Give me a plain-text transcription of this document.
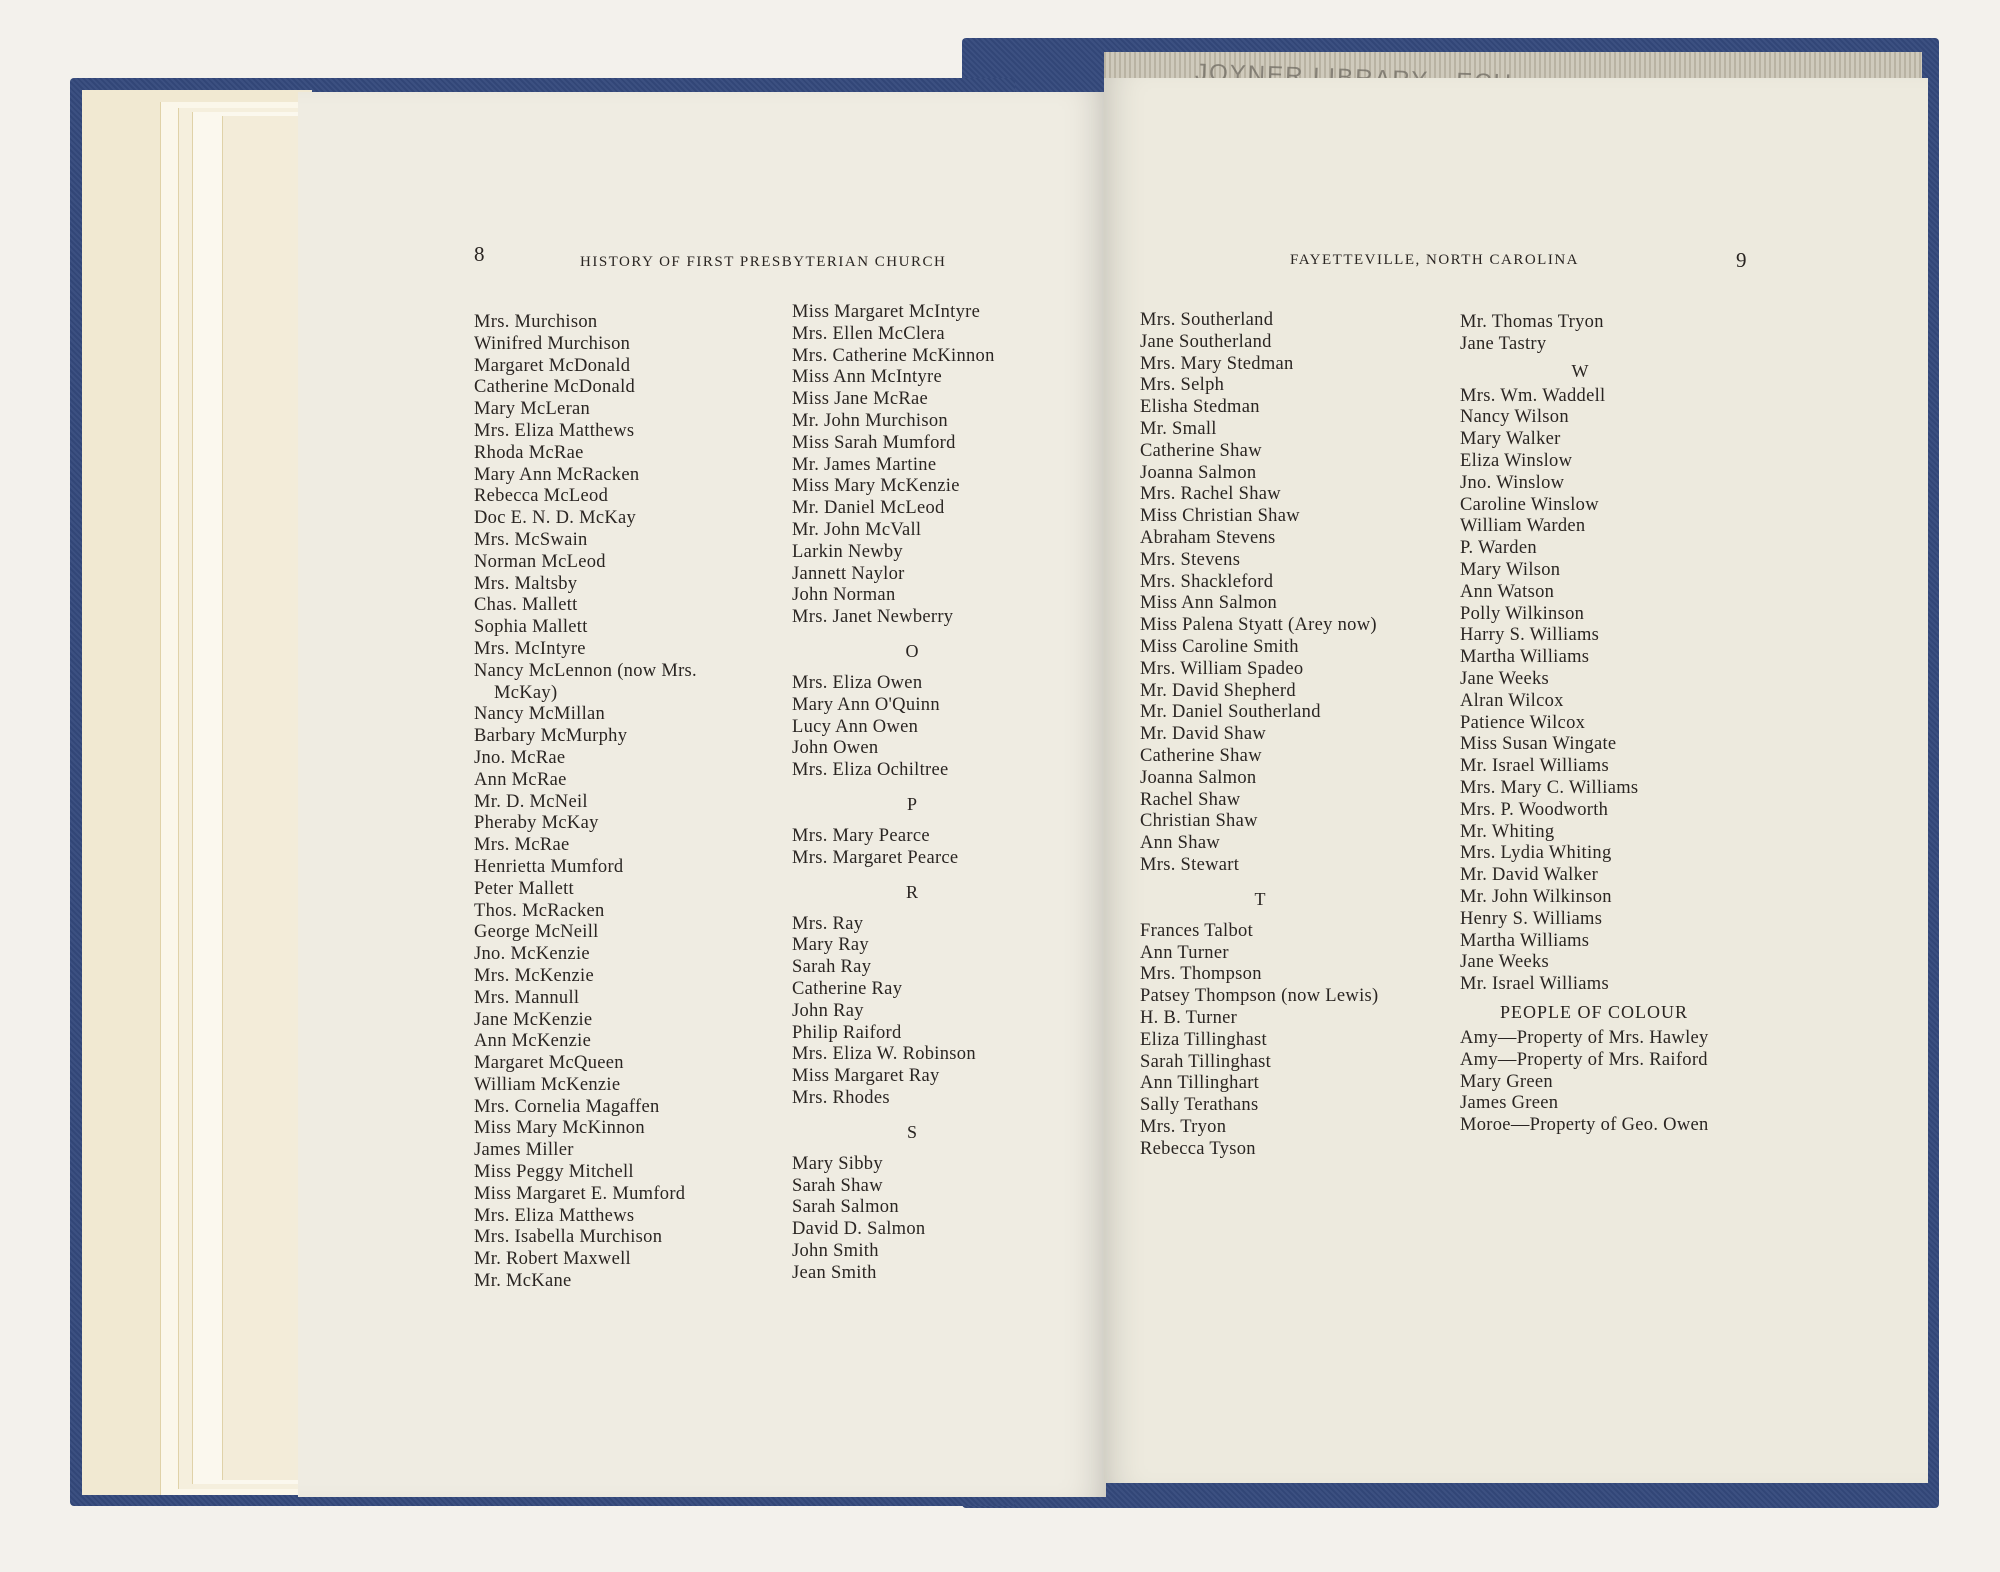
8	HISTORY OF FIRST PRESBYTERIAN CHURCH
Mrs. Murchison
Winifred Murchison
Margaret McDonald
Catherine McDonald
Mary McLeran
Mrs. Eliza Matthews
Rhoda McRae
Mary Ann McRacken
Rebecca McLeod
Doc E. N. D. McKay
Mrs. McSwain
Norman McLeod
Mrs. Maltsby
Chas. Mallett
Sophia Mallett
Mrs. McIntyre
Nancy McLennon (now Mrs.
McKay)
Nancy McMillan
Barbary McMurphy
Jno. McRae
Ann McRae
Mr. D. McNeil
Pheraby McKay
Mrs. McRae
Henrietta Mumford
Peter Mallett
Thos. McRacken
George McNeill
Jno. McKenzie
Mrs. McKenzie
Mrs. Mannull
Jane McKenzie
Ann McKenzie
Margaret McQueen
William McKenzie
Mrs. Cornelia Magaffen
Miss Mary McKinnon
James Miller
Miss Peggy Mitchell
Miss Margaret E. Mumford
Mrs. Eliza Matthews
Mrs. Isabella Murchison
Mr. Robert Maxwell
Mr. McKane
Miss Margaret McIntyre
Mrs. Ellen McClera
Mrs. Catherine McKinnon
Miss Ann McIntyre
Miss Jane McRae
Mr. John Murchison
Miss Sarah Mumford
Mr. James Martine
Miss Mary McKenzie
Mr. Daniel McLeod
Mr. John McVall
Larkin Newby
Jannett Naylor
John Norman
Mrs. Janet Newberry
O
Mrs. Eliza Owen
Mary Ann O'Quinn
Lucy Ann Owen
John Owen
Mrs. Eliza Ochiltree
P
Mrs. Mary Pearce
Mrs. Margaret Pearce
R
Mrs. Ray
Mary Ray
Sarah Ray
Catherine Ray
John Ray
Philip Raiford
Mrs. Eliza W. Robinson
Miss Margaret Ray
Mrs. Rhodes
S
Mary Sibby
Sarah Shaw
Sarah Salmon
David D. Salmon
John Smith
Jean Smith
9
FAYETTEVILLE, NORTH CAROLINA
Mrs. Southerland
Jane Southerland
Mrs. Mary Stedman
Mrs. Selph
Elisha Stedman
Mr. Small
Catherine Shaw
Joanna Salmon
Mrs. Rachel Shaw
Miss Christian Shaw
Abraham Stevens
Mrs. Stevens
Mrs. Shackleford
Miss Ann Salmon
Miss Palena Styatt (Arey now)
Miss Caroline Smith
Mrs. William Spadeo
Mr. David Shepherd
Mr. Daniel Southerland
Mr. David Shaw
Catherine Shaw
Joanna Salmon
Rachel Shaw
Christian Shaw
Ann Shaw
Mrs. Stewart
T
Frances Talbot
Ann Turner
Mrs. Thompson
Patsey Thompson (now Lewis)
H. B. Turner
Eliza Tillinghast
Sarah Tillinghast
Ann Tillinghart
Sally Terathans
Mrs. Tryon
Rebecca Tyson
Mr. Thomas Tryon
Jane Tastry
W
Mrs. Wm. Waddell
Nancy Wilson
Mary Walker
Eliza Winslow
Jno. Winslow
Caroline Winslow
William Warden
P. Warden
Mary Wilson
Ann Watson
Polly Wilkinson
Harry S. Williams
Martha Williams
Jane Weeks
Alran Wilcox
Patience Wilcox
Miss Susan Wingate
Mr. Israel Williams
Mrs. Mary C. Williams
Mrs. P. Woodworth
Mr. Whiting
Mrs. Lydia Whiting
Mr. David Walker
Mr. John Wilkinson
Henry S. Williams
Martha Williams
Jane Weeks
Mr. Israel Williams
PEOPLE OF COLOUR
Amy—Property of Mrs. Hawley
Amy—Property of Mrs. Raiford
Mary Green
James Green
Moroe—Property of Geo. Owen
